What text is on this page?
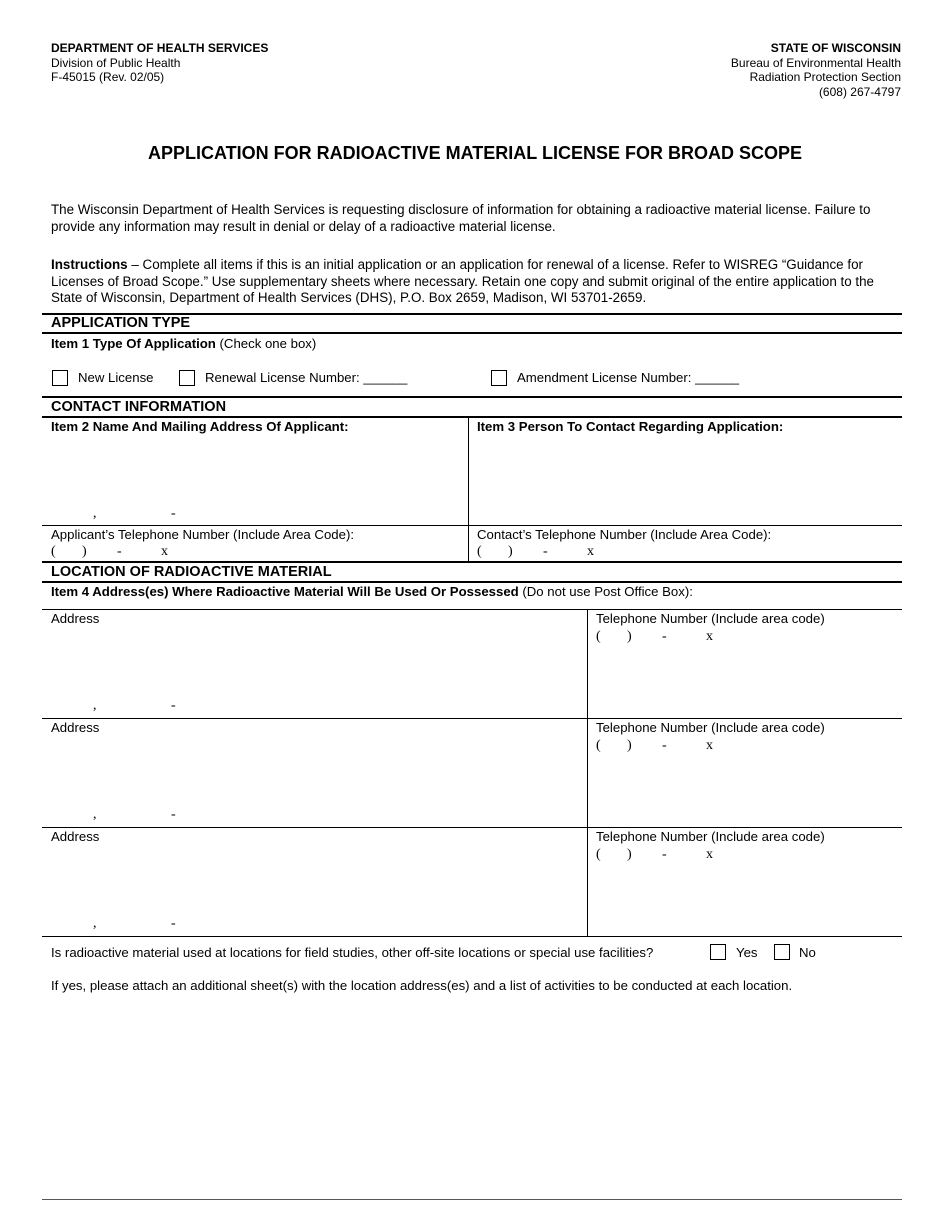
DEPARTMENT OF HEALTH SERVICES
Division of Public Health
F-45015 (Rev. 02/05)
STATE OF WISCONSIN
Bureau of Environmental Health
Radiation Protection Section
(608) 267-4797
APPLICATION FOR RADIOACTIVE MATERIAL LICENSE FOR BROAD SCOPE
The Wisconsin Department of Health Services is requesting disclosure of information for obtaining a radioactive material license. Failure to provide any information may result in denial or delay of a radioactive material license.
Instructions – Complete all items if this is an initial application or an application for renewal of a license. Refer to WISREG “Guidance for Licenses of Broad Scope.” Use supplementary sheets where necessary. Retain one copy and submit original of the entire application to the State of Wisconsin, Department of Health Services (DHS), P.O. Box 2659, Madison, WI 53701-2659.
APPLICATION TYPE
Item 1 Type Of Application (Check one box)
New License	Renewal License Number: ______	Amendment License Number: ______
CONTACT INFORMATION
Item 2 Name And Mailing Address Of Applicant:	Item 3 Person To Contact Regarding Application:
,	-
Applicant’s Telephone Number (Include Area Code):	Contact’s Telephone Number (Include Area Code):
( ) -	x	( ) -	x
LOCATION OF RADIOACTIVE MATERIAL
Item 4 Address(es) Where Radioactive Material Will Be Used Or Possessed (Do not use Post Office Box):
Address
,	-
Telephone Number (Include area code)
( ) -	x
Address
,	-
Telephone Number (Include area code)
( ) -	x
Address
,	-
Telephone Number (Include area code)
( ) -	x
Is radioactive material used at locations for field studies, other off-site locations or special use facilities?	Yes	No
If yes, please attach an additional sheet(s) with the location address(es) and a list of activities to be conducted at each location.
